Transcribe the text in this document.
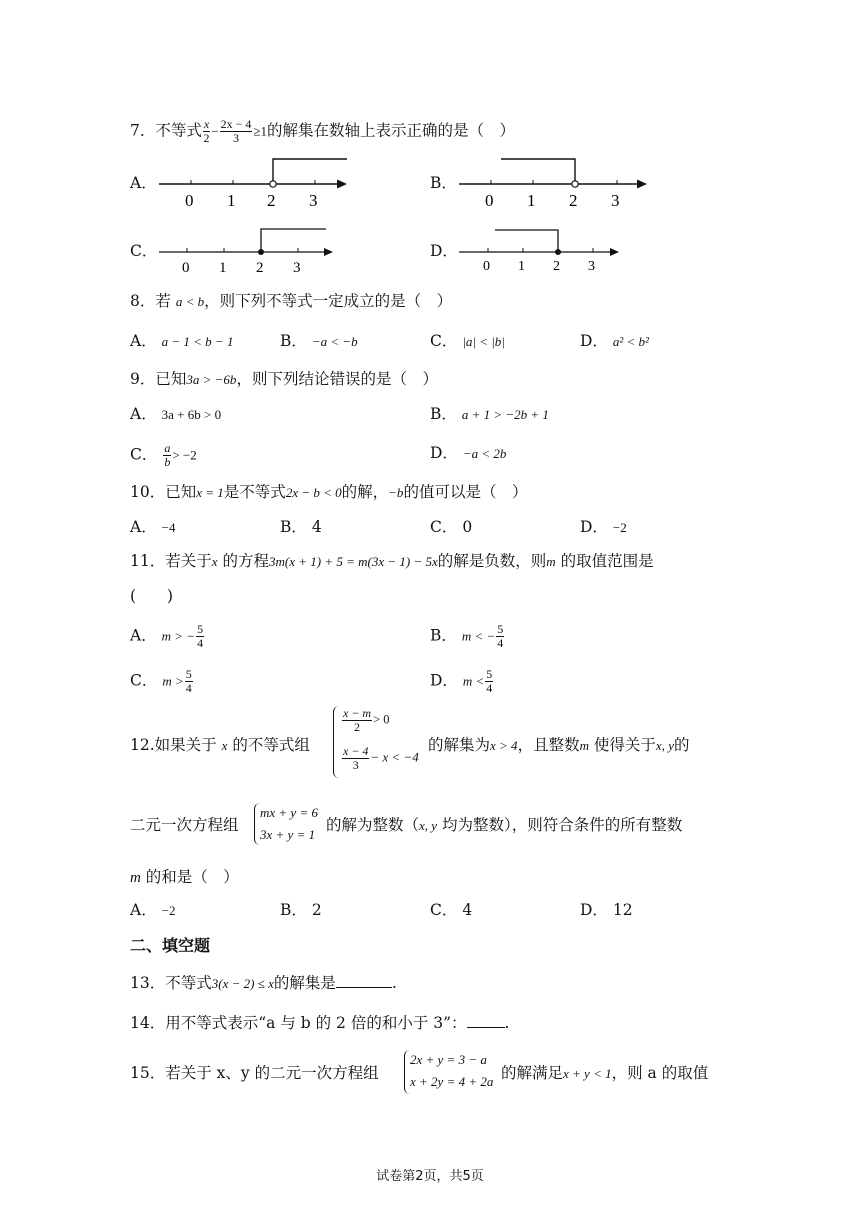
7．不等式 $\frac{x}{2} - \frac{2x - 4}{3} \ge 1$的解集在数轴上表示正确的是（　）
A．
0 1 2 3
B．
0 1 2 3
C．
0 1 2 3
D．
0 1 2 3
8．若 a < b，则下列不等式一定成立的是（　）
A． a − 1 < b − 1	B． −a < −b	C． |a| < |b|	D． a² < b²
9．已知3a > −6b，则下列结论错误的是（　）
A． 3a + 6b > 0	B． a + 1 > −2b + 1
C． $\frac{a}{b} > -2$	D． −a < 2b
10．已知x = 1是不等式2x − b < 0的解，−b的值可以是（　）
A． −4	B． 4	C． 0	D． −2
11．若关于x 的方程3m(x + 1) + 5 = m(3x − 1) − 5x的解是负数，则m 的取值范围是
(　　)
A． m > − $\frac{5}{4}$	B． m < − $\frac{5}{4}$
C． $m > \frac{5}{4}$	D． $m < \frac{5}{4}$
12.如果关于 x 的不等式组
$\frac{x - m}{2} > 0$
$\frac{x - 4}{3} - x < -4$
的解集为x > 4，且整数m 使得关于x, y的
二元一次方程组
mx + y = 6
3x + y = 1
的解为整数（x, y 均为整数），则符合条件的所有整数
m 的和是（　）
A． −2	B． 2	C． 4	D． 12
二、填空题
13．不等式3(x − 2) ≤ x的解集是	.
14．用不等式表示“a 与 b 的 2 倍的和小于 3”： .
15．若关于 x、y 的二元一次方程组
2x + y = 3 − a
x + 2y = 4 + 2a 的解满足x + y < 1，则 a 的取值
试卷第2页，共5页
